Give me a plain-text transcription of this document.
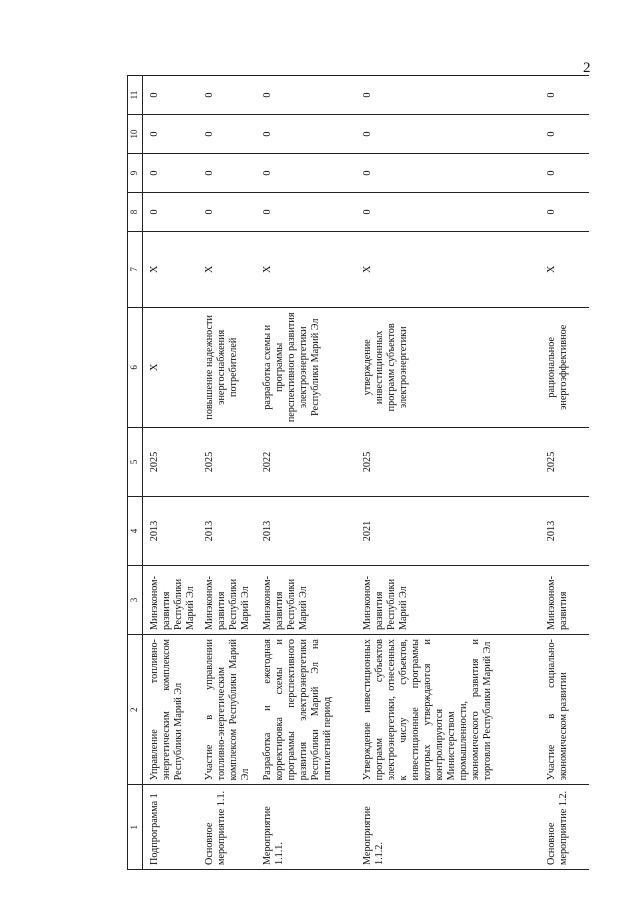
2
1	2	3	4	5	6	7	8	9	10	11
Подпрограмма 1	Управление топливно-энергетическим комплексом Республики Марий Эл	Минэконом-развития Республики Марий Эл	2013	2025	Х	Х	0	0	0	0
Основное мероприятие 1.1.	Участие в управлении топливно-энергетическим комплексом Республики Марий Эл	Минэконом-развития Республики Марий Эл	2013	2025	повышение надежности энергоснабжения потребителей	Х	0	0	0	0
Мероприятие 1.1.1.	Разработка и ежегодная корректировка схемы и программы перспективного развития электроэнергетики Республики Марий Эл на пятилетний период	Минэконом-развития Республики Марий Эл	2013	2022	разработка схемы и программы перспективного развития электроэнергетики Республики Марий Эл	Х	0	0	0	0
Мероприятие 1.1.2.	Утверждение инвестиционных программ субъектов электроэнергетики, отнесенных к числу субъектов, инвестиционные программы которых утверждаются и контролируются Министерством промышленности, экономического развития и торговли Республики Марий Эл	Минэконом-развития Республики Марий Эл	2021	2025	утверждение инвестиционных программ субъектов электроэнергетики	Х	0	0	0	0
Основное мероприятие 1.2.	Участие в социально-экономическом развитии	Минэконом-развития	2013	2025	рациональное энергоэффективное	Х	0	0	0	0
